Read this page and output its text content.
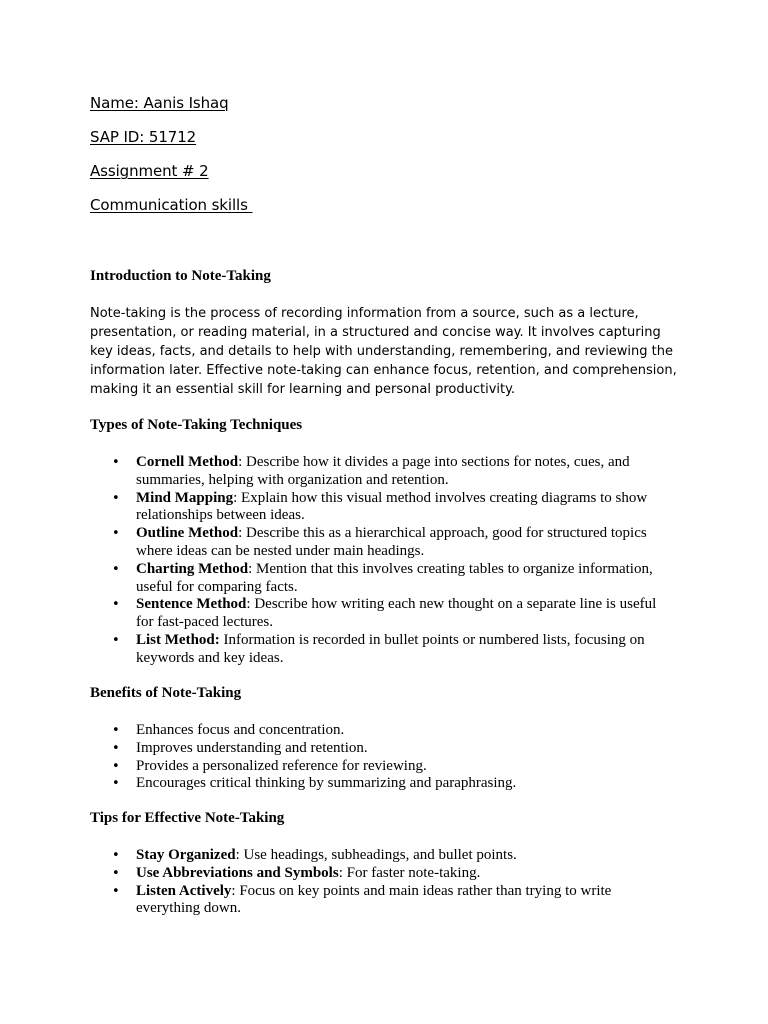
Name: Aanis Ishaq

SAP ID: 51712

Assignment # 2

Communication skills

Introduction to Note-Taking

Note-taking is the process of recording information from a source, such as a lecture, presentation, or reading material, in a structured and concise way. It involves capturing key ideas, facts, and details to help with understanding, remembering, and reviewing the information later. Effective note-taking can enhance focus, retention, and comprehension, making it an essential skill for learning and personal productivity.

Types of Note-Taking Techniques
• Cornell Method: Describe how it divides a page into sections for notes, cues, and summaries, helping with organization and retention.
• Mind Mapping: Explain how this visual method involves creating diagrams to show relationships between ideas.
• Outline Method: Describe this as a hierarchical approach, good for structured topics where ideas can be nested under main headings.
• Charting Method: Mention that this involves creating tables to organize information, useful for comparing facts.
• Sentence Method: Describe how writing each new thought on a separate line is useful for fast-paced lectures.
• List Method: Information is recorded in bullet points or numbered lists, focusing on keywords and key ideas.
Benefits of Note-Taking
• Enhances focus and concentration.
• Improves understanding and retention.
• Provides a personalized reference for reviewing.
• Encourages critical thinking by summarizing and paraphrasing.
Tips for Effective Note-Taking
• Stay Organized: Use headings, subheadings, and bullet points.
• Use Abbreviations and Symbols: For faster note-taking.
• Listen Actively: Focus on key points and main ideas rather than trying to write everything down.
